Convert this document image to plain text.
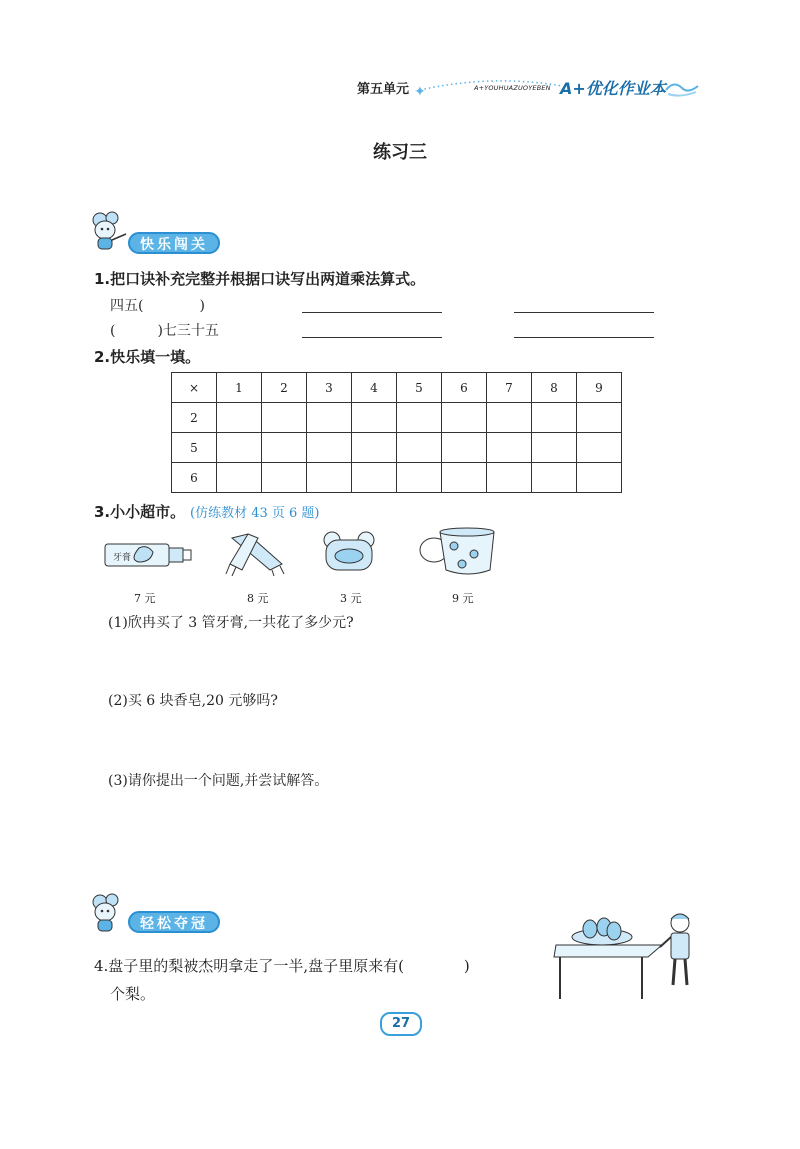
第五单元 ✦	A+YOUHUAZUOYEBEN A+优化作业本
练习三
快乐闯关
1.把口诀补充完整并根据口诀写出两道乘法算式。
四五(　　　　)
(　　　)七三十五
2.快乐填一填。
×	1	2	3	4	5	6	7	8	9
2									
5									
6									
3.小小超市。 (仿练教材 43 页 6 题)
牙膏
7 元	8 元	3 元	9 元
(1)欣冉买了 3 管牙膏,一共花了多少元?
(2)买 6 块香皂,20 元够吗?
(3)请你提出一个问题,并尝试解答。
轻松夺冠
4.盘子里的梨被杰明拿走了一半,盘子里原来有(　　　　)
个梨。
27
